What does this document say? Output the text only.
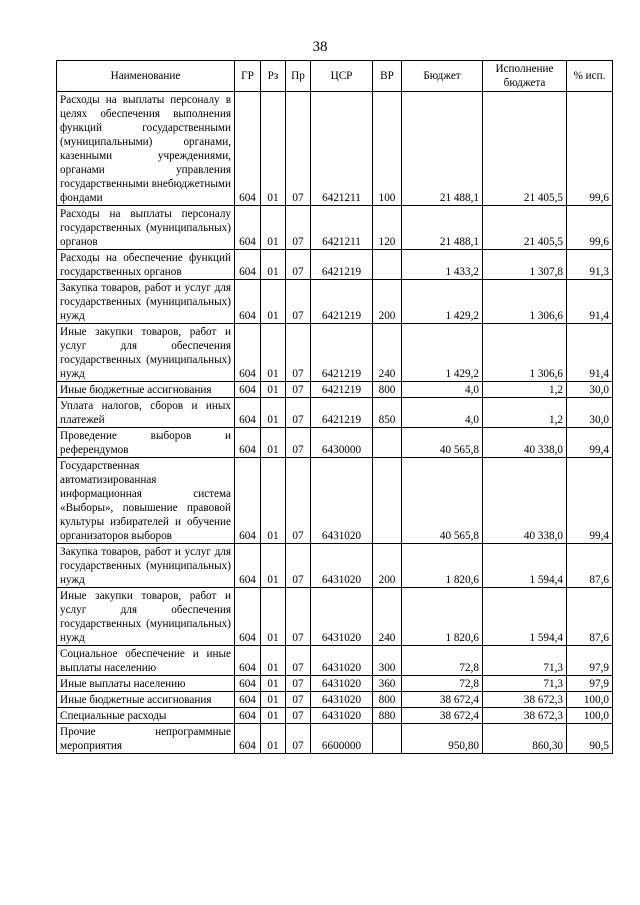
38
Наименование	ГР	Рз	Пр	ЦСР	ВР	Бюджет	Исполнение бюджета	% исп.
Расходы на выплаты персоналу в целях обеспечения выполнения функций государственными (муниципальными) органами, казенными учреждениями, органами управления государственными внебюджетными фондами	604	01	07	6421211	100	21 488,1	21 405,5	99,6
Расходы на выплаты персоналу государственных (муниципальных) органов	604	01	07	6421211	120	21 488,1	21 405,5	99,6
Расходы на обеспечение функций государственных органов	604	01	07	6421219		1 433,2	1 307,8	91,3
Закупка товаров, работ и услуг для государственных (муниципальных) нужд	604	01	07	6421219	200	1 429,2	1 306,6	91,4
Иные закупки товаров, работ и услуг для обеспечения государственных (муниципальных) нужд	604	01	07	6421219	240	1 429,2	1 306,6	91,4
Иные бюджетные ассигнования	604	01	07	6421219	800	4,0	1,2	30,0
Уплата налогов, сборов и иных платежей	604	01	07	6421219	850	4,0	1,2	30,0
Проведение выборов и референдумов	604	01	07	6430000		40 565,8	40 338,0	99,4
Государственная автоматизированная информационная система «Выборы», повышение правовой культуры избирателей и обучение организаторов выборов	604	01	07	6431020		40 565,8	40 338,0	99,4
Закупка товаров, работ и услуг для государственных (муниципальных) нужд	604	01	07	6431020	200	1 820,6	1 594,4	87,6
Иные закупки товаров, работ и услуг для обеспечения государственных (муниципальных) нужд	604	01	07	6431020	240	1 820,6	1 594,4	87,6
Социальное обеспечение и иные выплаты населению	604	01	07	6431020	300	72,8	71,3	97,9
Иные выплаты населению	604	01	07	6431020	360	72,8	71,3	97,9
Иные бюджетные ассигнования	604	01	07	6431020	800	38 672,4	38 672,3	100,0
Специальные расходы	604	01	07	6431020	880	38 672,4	38 672,3	100,0
Прочие непрограммные мероприятия	604	01	07	6600000		950,80	860,30	90,5
